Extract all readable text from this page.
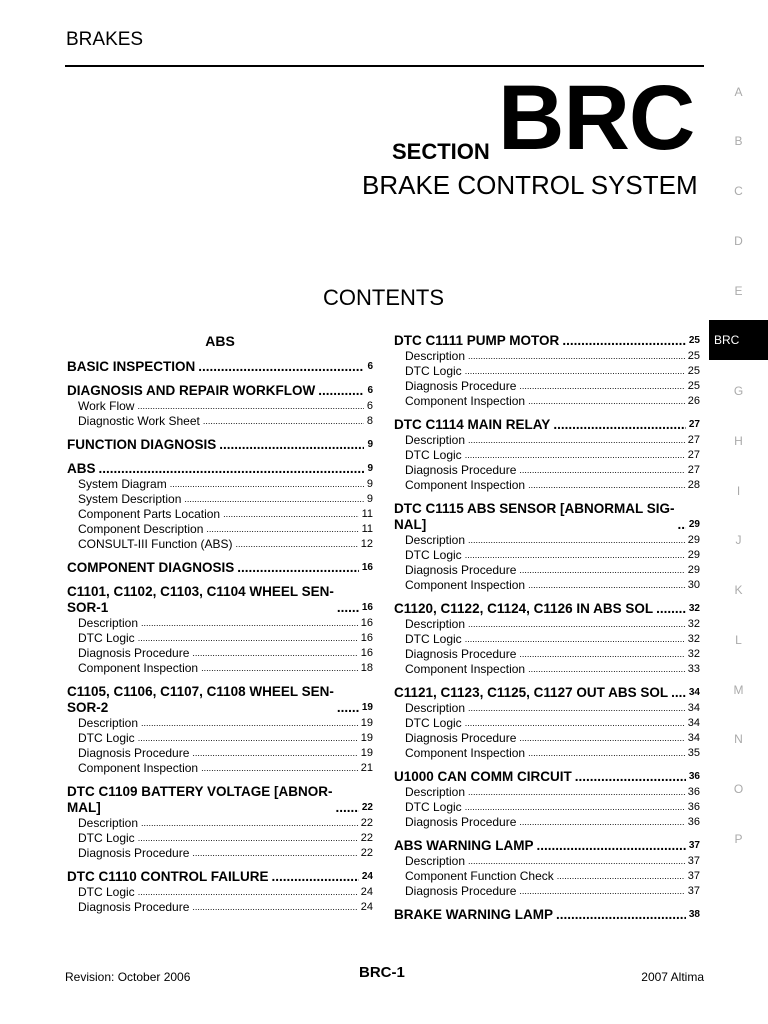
BRAKES
SECTION BRC
BRAKE CONTROL SYSTEM
CONTENTS
A
B
C
D
E
BRC
G
H
I
J
K
L
M
N
O
P
ABS
BASIC INSPECTION .....	6
DIAGNOSIS AND REPAIR WORKFLOW .....	6
Work Flow .....	6
Diagnostic Work Sheet .....	8
FUNCTION DIAGNOSIS .....	9
ABS .....	9
System Diagram .....	9
System Description .....	9
Component Parts Location .....	11
Component Description .....	11
CONSULT-III Function (ABS) .....	12
COMPONENT DIAGNOSIS .....	16
C1101, C1102, C1103, C1104 WHEEL SEN-
SOR-1 .....	16
Description .....	16
DTC Logic .....	16
Diagnosis Procedure .....	16
Component Inspection .....	18
C1105, C1106, C1107, C1108 WHEEL SEN-
SOR-2 .....	19
Description .....	19
DTC Logic .....	19
Diagnosis Procedure .....	19
Component Inspection .....	21
DTC C1109 BATTERY VOLTAGE [ABNOR-
MAL] .....	22
Description .....	22
DTC Logic .....	22
Diagnosis Procedure .....	22
DTC C1110 CONTROL FAILURE .....	24
DTC Logic .....	24
Diagnosis Procedure .....	24
DTC C1111 PUMP MOTOR .....	25
Description .....	25
DTC Logic .....	25
Diagnosis Procedure .....	25
Component Inspection .....	26
DTC C1114 MAIN RELAY .....	27
Description .....	27
DTC Logic .....	27
Diagnosis Procedure .....	27
Component Inspection .....	28
DTC C1115 ABS SENSOR [ABNORMAL SIG-
NAL] .....	29
Description .....	29
DTC Logic .....	29
Diagnosis Procedure .....	29
Component Inspection .....	30
C1120, C1122, C1124, C1126 IN ABS SOL .....	32
Description .....	32
DTC Logic .....	32
Diagnosis Procedure .....	32
Component Inspection .....	33
C1121, C1123, C1125, C1127 OUT ABS SOL ..... 34
Description .....	34
DTC Logic .....	34
Diagnosis Procedure .....	34
Component Inspection .....	35
U1000 CAN COMM CIRCUIT .....	36
Description .....	36
DTC Logic .....	36
Diagnosis Procedure .....	36
ABS WARNING LAMP .....	37
Description .....	37
Component Function Check .....	37
Diagnosis Procedure .....	37
BRAKE WARNING LAMP .....	38
Revision: October 2006	BRC-1	2007 Altima
